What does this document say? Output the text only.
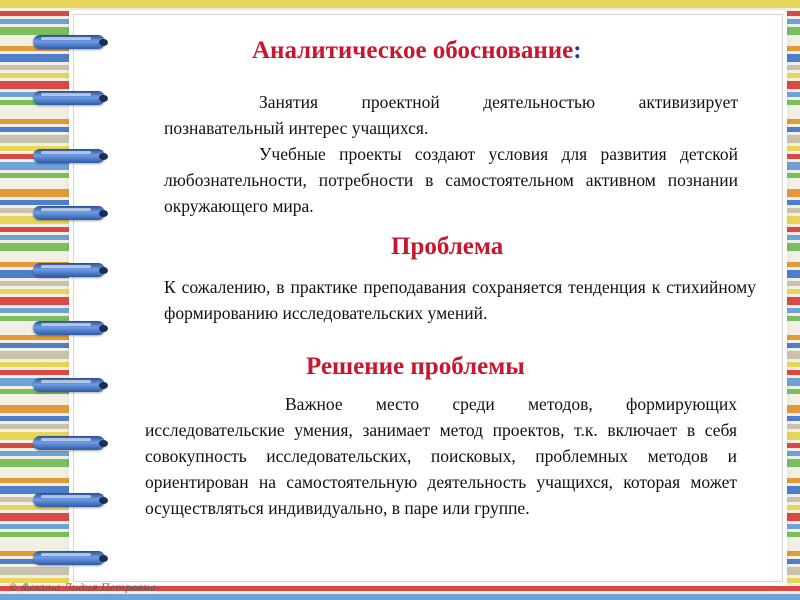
Аналитическое обоснование:

Занятия проектной деятельностью активизирует познавательный интерес учащихся.

Учебные проекты создают условия для развития детской любознательности, потребности в самостоятельном активном познании окружающего мира.

Проблема

К сожалению, в практике преподавания сохраняется тенденция к стихийному формированию исследовательских умений.

Решение проблемы

Важное место среди методов, формирующих исследовательские умения, занимает метод проектов, т.к. включает в себя совокупность исследовательских, поисковых, проблемных методов и ориентирован на самостоятельную деятельность учащихся, которая может осуществляться индивидуально, в паре или группе.

© Фокина Лидия Петровна
